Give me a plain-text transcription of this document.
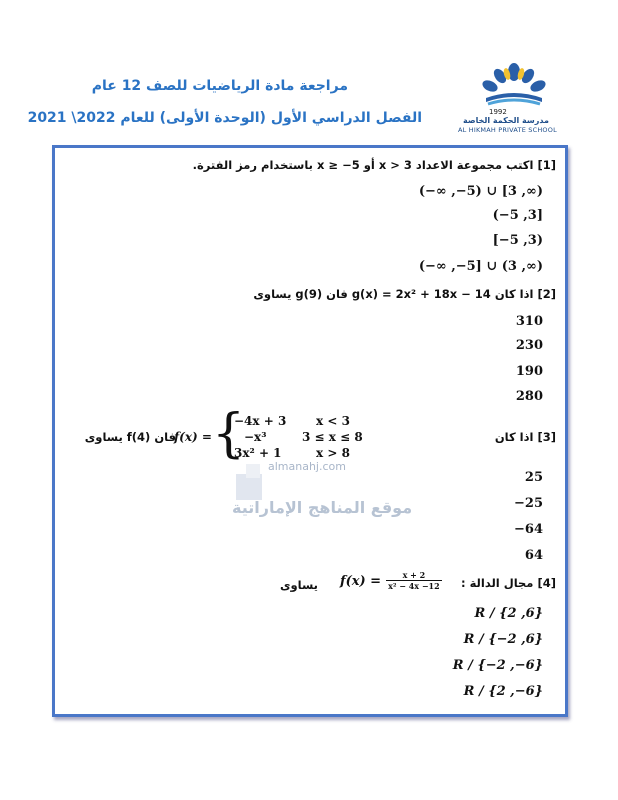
1992
مدرسة الحكمة الخاصة
AL HIKMAH PRIVATE SCHOOL
مراجعة مادة الرياضيات للصف 12 عام
الفصل الدراسي الأول (الوحدة الأولى) للعام 2022\ 2021
almanahj.com
موقع المناهج الإماراتية
[1] اكتب مجموعة الاعداد 3 < x أو 5− ≤ x باستخدام رمز الفترة.
(−∞ ,−5) ∪ [3 ,∞)
(−5 ,3]
[−5 ,3)
(−∞ ,−5] ∪ (3 ,∞)
[2] اذا كان g(x) = 2x² + 18x − 14 فان g(9) يساوى
310
230
190
280
[3] اذا كان
f(x) = {
−4x + 3 x < 3
−x³	3 ≤ x ≤ 8
3x² + 1	x > 8
فان f(4) يساوى
25
−25
−64
64
[4] مجال الدالة :
$f(x) = \frac{x + 2}{\text{x² − 4x −12}}$
يساوى
R / {2 ,6}
R / {−2 ,6}
R / {−2 ,−6}
R / {2 ,−6}
